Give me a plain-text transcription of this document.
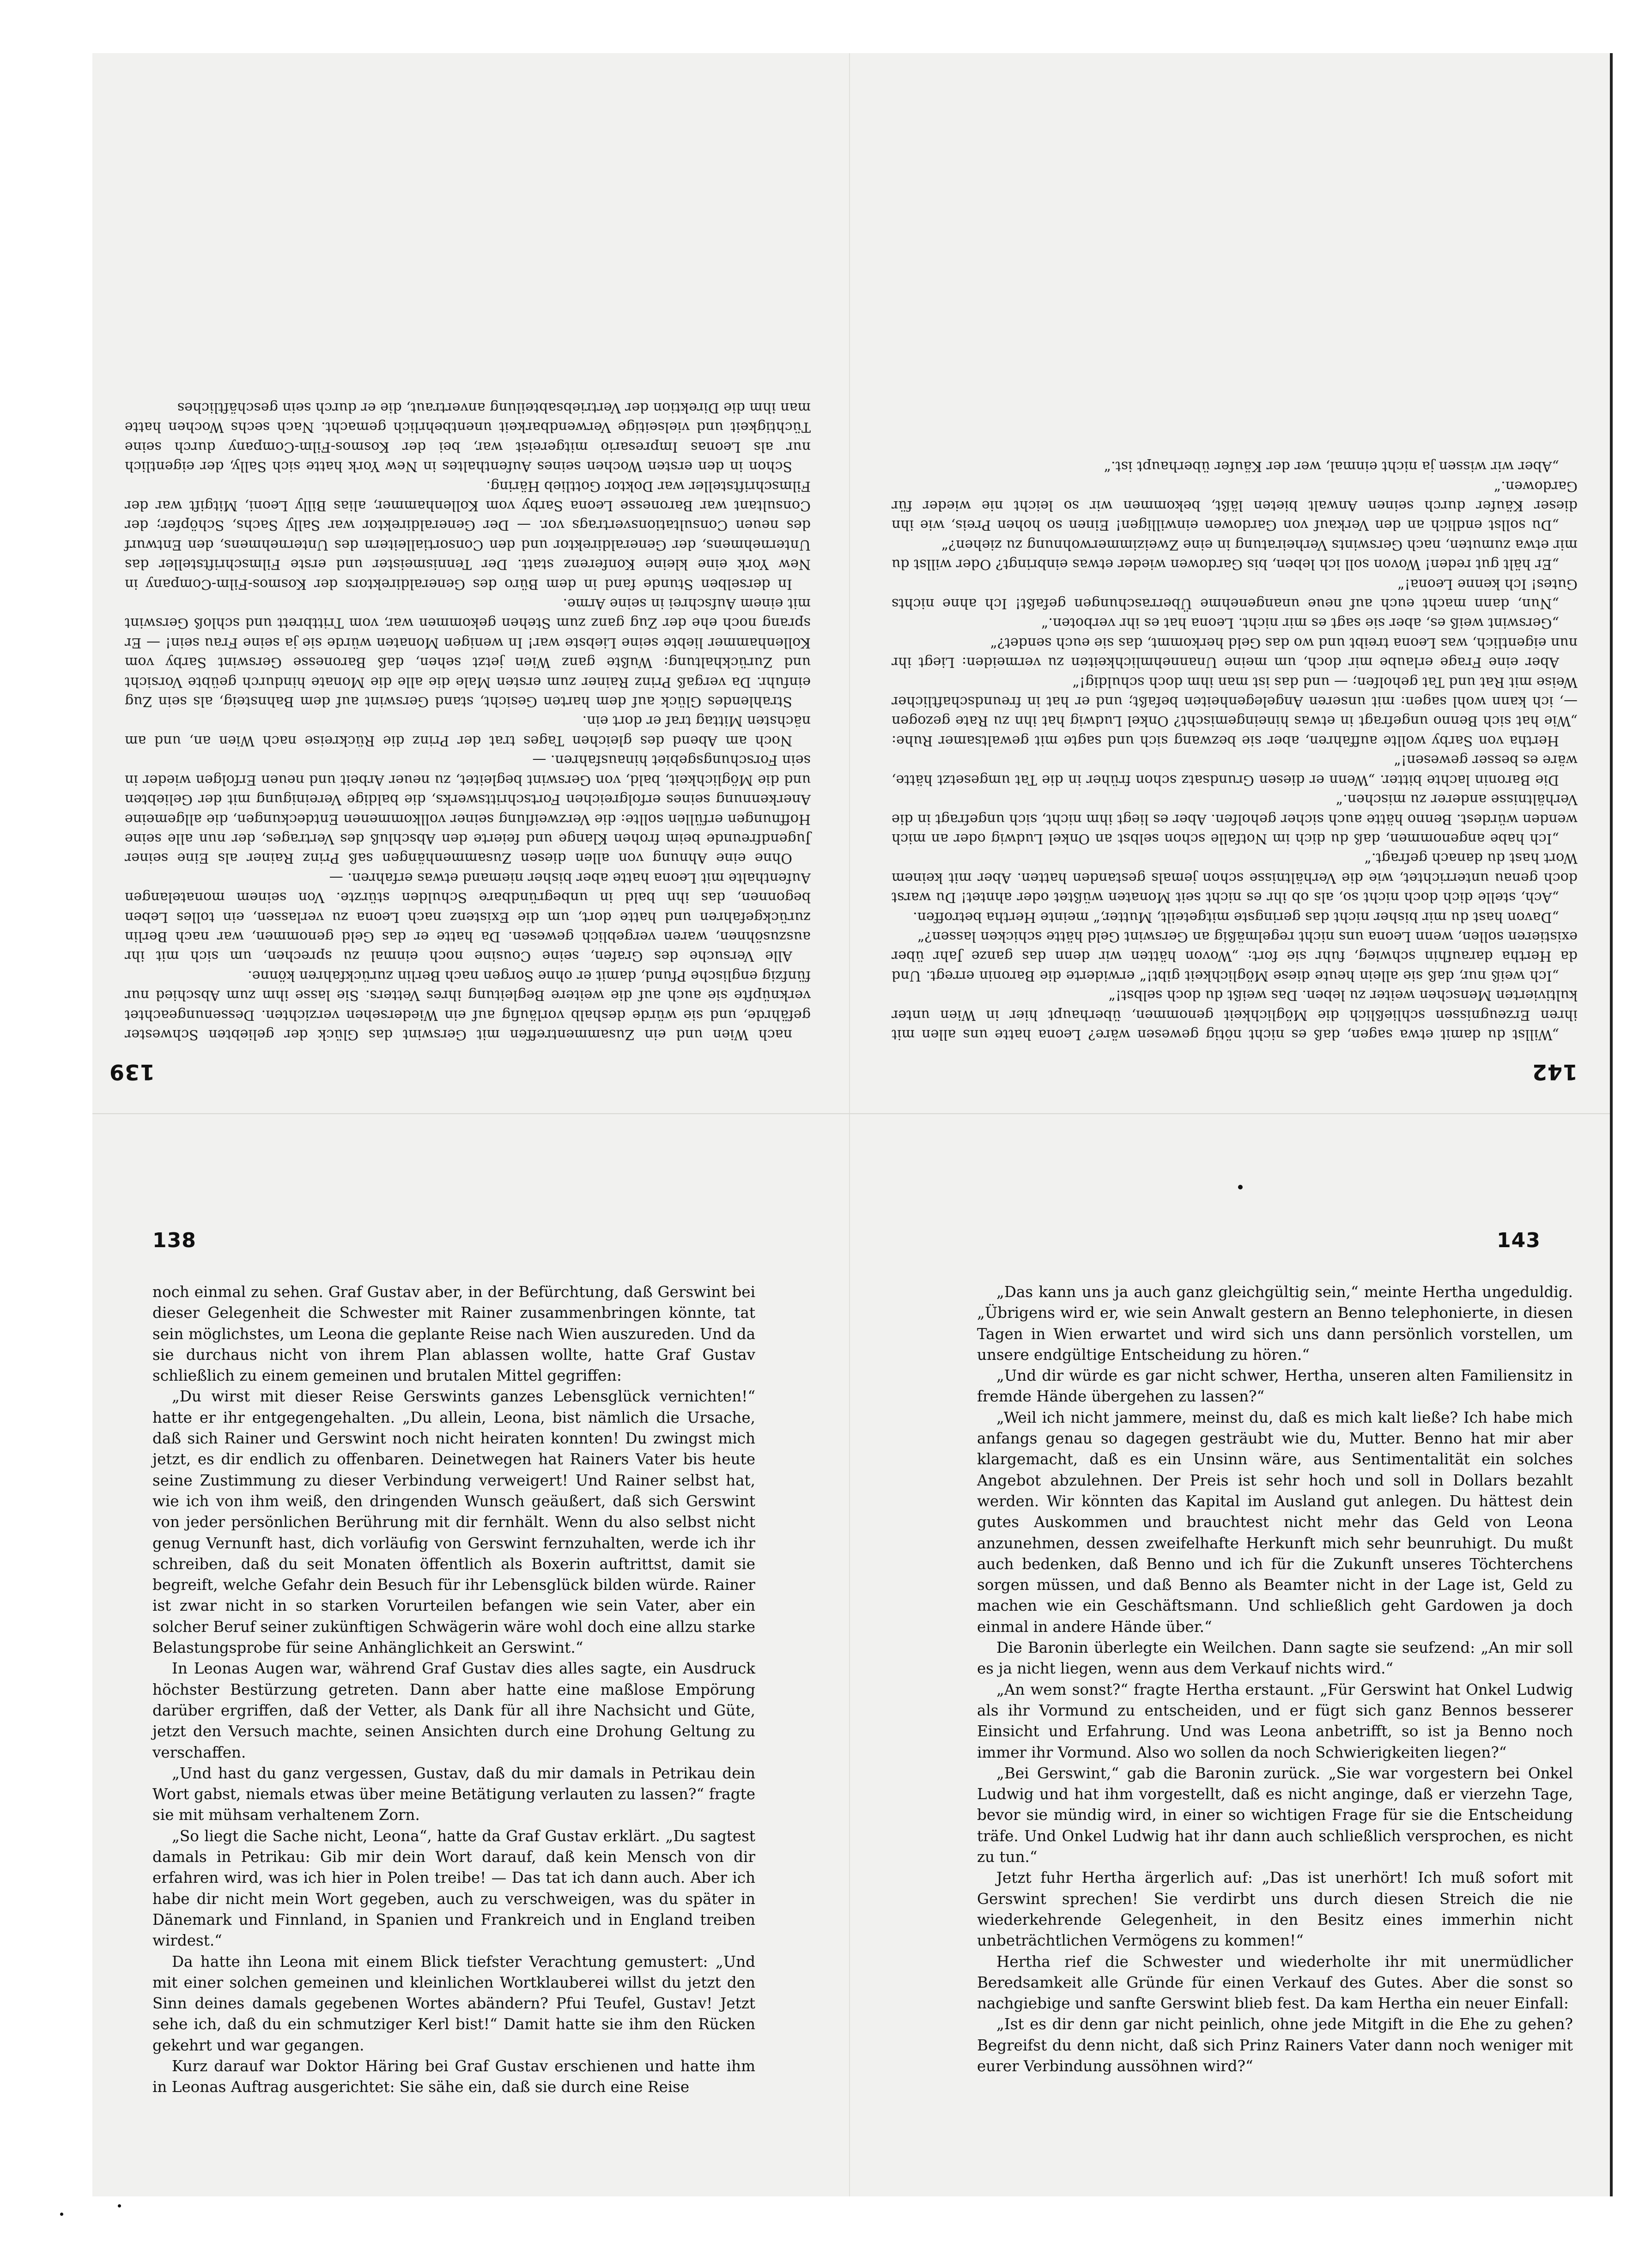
142
139

„Willst du damit etwa sagen, daß es nicht nötig gewesen wäre? Leona hatte uns allen mit ihren Erzeugnissen schließlich die Möglichkeit genommen, überhaupt hier in Wien unter kultivierten Menschen weiter zu leben. Das weißt du doch selbst!“

„Ich weiß nur, daß sie allein heute diese Möglichkeit gibt!“ erwiderte die Baronin erregt. Und da Hertha daraufhin schwieg, fuhr sie fort: „Wovon hätten wir denn das ganze Jahr über existieren sollen, wenn Leona uns nicht regelmäßig an Gerswint Geld hätte schicken lassen?“

„Davon hast du mir bisher nicht das geringste mitgeteilt, Mutter,“ meinte Hertha betroffen.

„Ach, stelle dich doch nicht so, als ob ihr es nicht seit Monaten wüßtet oder ahntet! Du warst doch genau unterrichtet, wie die Verhältnisse schon jemals gestanden hatten. Aber mit keinem Wort hast du danach gefragt.“

„Ich habe angenommen, daß du dich im Notfalle schon selbst an Onkel Ludwig oder an mich wenden würdest. Benno hätte auch sicher geholfen. Aber es liegt ihm nicht, sich ungefragt in die Verhältnisse anderer zu mischen.“

Die Baronin lachte bitter. „Wenn er diesen Grundsatz schon früher in die Tat umgesetzt hätte, wäre es besser gewesen!“

Hertha von Sarby wollte auffahren, aber sie bezwang sich und sagte mit gewaltsamer Ruhe: „Wie hat sich Benno ungefragt in etwas hineingemischt? Onkel Ludwig hat ihn zu Rate gezogen —, ich kann wohl sagen: mit unseren Angelegenheiten befaßt; und er hat in freundschaftlicher Weise mit Rat und Tat geholfen; — und das ist man ihm doch schuldig!“

Aber eine Frage erlaube mir doch, um meine Unannehmlichkeiten zu vermeiden: Liegt ihr nun eigentlich, was Leona treibt und wo das Geld herkommt, das sie euch sendet?“

„Gerswint weiß es, aber sie sagt es mir nicht. Leona hat es ihr verboten.“

„Nun, dann macht euch auf neue unangenehme Überraschungen gefaßt! Ich ahne nichts Gutes! Ich kenne Leona!“

„Er hält gut reden! Wovon soll ich leben, bis Gardowen wieder etwas einbringt? Oder willst du mir etwa zumuten, nach Gerswints Verheiratung in eine Zweizimmerwohnung zu ziehen?“

„Du sollst endlich an den Verkauf von Gardowen einwilligen! Einen so hohen Preis, wie ihn dieser Käufer durch seinen Anwalt bieten läßt, bekommen wir so leicht nie wieder für Gardowen.“

„Aber wir wissen ja nicht einmal, wer der Käufer überhaupt ist.“

nach Wien und ein Zusammentreffen mit Gerswint das Glück der geliebten Schwester gefährde, und sie würde deshalb vorläufig auf ein Wiedersehen verzichten. Dessenungeachtet verknüpfte sie auch auf die weitere Begleitung ihres Vetters. Sie lasse ihm zum Abschied nur fünfzig englische Pfund, damit er ohne Sorgen nach Berlin zurückfahren könne.

Alle Versuche des Grafen, seine Cousine noch einmal zu sprechen, um sich mit ihr auszusöhnen, waren vergeblich gewesen. Da hatte er das Geld genommen, war nach Berlin zurückgefahren und hatte dort, um die Existenz nach Leona zu verlassen, ein tolles Leben begonnen, das ihn bald in unbegründbare Schulden stürzte. Von seinem monatelangen Aufenthalte mit Leona hatte aber bisher niemand etwas erfahren. —

Ohne eine Ahnung von allen diesen Zusammenhängen saß Prinz Rainer als Eine seiner Jugendfreunde beim frohen Klange und feierte den Abschluß des Vertrages, der nun alle seine Hoffnungen erfüllen sollte: die Verzweiflung seiner vollkommenen Entdeckungen, die allgemeine Anerkennung seines erfolgreichen Fortschrittswerks, die baldige Vereinigung mit der Geliebten und die Möglichkeit, bald, von Gerswint begleitet, zu neuer Arbeit und neuen Erfolgen wieder in sein Forschungsgebiet hinausfahren. —

Noch am Abend des gleichen Tages trat der Prinz die Rückreise nach Wien an, und am nächsten Mittag traf er dort ein.

Strahlendes Glück auf dem harten Gesicht, stand Gerswint auf dem Bahnsteig, als sein Zug einfuhr. Da vergaß Prinz Rainer zum ersten Male die alle die Monate hindurch geübte Vorsicht und Zurückhaltung: Wußte ganz Wien jetzt sehen, daß Baronesse Gerswint Sarby vom Kollenhammer liebte seine Liebste war! In wenigen Monaten würde sie ja seine Frau sein! — Er sprang noch ehe der Zug ganz zum Stehen gekommen war, vom Trittbrett und schloß Gerswint mit einem Aufschrei in seine Arme.

In derselben Stunde fand in dem Büro des Generaldirektors der Kosmos-Film-Company in New York eine kleine Konferenz statt. Der Tennismeister und erste Filmschriftsteller das Unternehmens, der Generaldirektor und den Consortialleitern des Unternehmens, den Entwurf des neuen Consultationsvertrags vor. — Der Generaldirektor war Sally Sachs, Schöpfer; der Consultant war Baronesse Leona Sarby vom Kollenhammer, alias Billy Leoni, Mitgift war der Filmschriftsteller war Doktor Gottlieb Häring.

Schon in den ersten Wochen seines Aufenthaltes in New York hatte sich Sally, der eigentlich nur als Leonas Impresario mitgereist war, bei der Kosmos-Film-Company durch seine Tüchtigkeit und vielseitige Verwendbarkeit unentbehrlich gemacht. Nach sechs Wochen hatte man ihm die Direktion der Vertriebsabteilung anvertraut, die er durch sein geschäftliches

138

noch einmal zu sehen. Graf Gustav aber, in der Befürchtung, daß Gerswint bei dieser Gelegenheit die Schwester mit Rainer zusammenbringen könnte, tat sein möglichstes, um Leona die geplante Reise nach Wien auszureden. Und da sie durchaus nicht von ihrem Plan ablassen wollte, hatte Graf Gustav schließlich zu einem gemeinen und brutalen Mittel gegriffen:

„Du wirst mit dieser Reise Gerswints ganzes Lebensglück vernichten!“ hatte er ihr entgegengehalten. „Du allein, Leona, bist nämlich die Ursache, daß sich Rainer und Gerswint noch nicht heiraten konnten! Du zwingst mich jetzt, es dir endlich zu offenbaren. Deinetwegen hat Rainers Vater bis heute seine Zustimmung zu dieser Verbindung verweigert! Und Rainer selbst hat, wie ich von ihm weiß, den dringenden Wunsch geäußert, daß sich Gerswint von jeder persönlichen Berührung mit dir fernhält. Wenn du also selbst nicht genug Vernunft hast, dich vorläufig von Gerswint fernzuhalten, werde ich ihr schreiben, daß du seit Monaten öffentlich als Boxerin auftrittst, damit sie begreift, welche Gefahr dein Besuch für ihr Lebensglück bilden würde. Rainer ist zwar nicht in so starken Vorurteilen befangen wie sein Vater, aber ein solcher Beruf seiner zukünftigen Schwägerin wäre wohl doch eine allzu starke Belastungsprobe für seine Anhänglichkeit an Gerswint.“

In Leonas Augen war, während Graf Gustav dies alles sagte, ein Ausdruck höchster Bestürzung getreten. Dann aber hatte eine maßlose Empörung darüber ergriffen, daß der Vetter, als Dank für all ihre Nachsicht und Güte, jetzt den Versuch machte, seinen Ansichten durch eine Drohung Geltung zu verschaffen.

„Und hast du ganz vergessen, Gustav, daß du mir damals in Petrikau dein Wort gabst, niemals etwas über meine Betätigung verlauten zu lassen?“ fragte sie mit mühsam verhaltenem Zorn.

„So liegt die Sache nicht, Leona“, hatte da Graf Gustav erklärt. „Du sagtest damals in Petrikau: Gib mir dein Wort darauf, daß kein Mensch von dir erfahren wird, was ich hier in Polen treibe! — Das tat ich dann auch. Aber ich habe dir nicht mein Wort gegeben, auch zu verschweigen, was du später in Dänemark und Finnland, in Spanien und Frankreich und in England treiben wirdest.“

Da hatte ihn Leona mit einem Blick tiefster Verachtung gemustert: „Und mit einer solchen gemeinen und kleinlichen Wortklauberei willst du jetzt den Sinn deines damals gegebenen Wortes abändern? Pfui Teufel, Gustav! Jetzt sehe ich, daß du ein schmutziger Kerl bist!“ Damit hatte sie ihm den Rücken gekehrt und war gegangen.

Kurz darauf war Doktor Häring bei Graf Gustav erschienen und hatte ihm in Leonas Auftrag ausgerichtet: Sie sähe ein, daß sie durch eine Reise

143

„Das kann uns ja auch ganz gleichgültig sein,“ meinte Hertha ungeduldig. „Übrigens wird er, wie sein Anwalt gestern an Benno telephonierte, in diesen Tagen in Wien erwartet und wird sich uns dann persönlich vorstellen, um unsere endgültige Entscheidung zu hören.“

„Und dir würde es gar nicht schwer, Hertha, unseren alten Familiensitz in fremde Hände übergehen zu lassen?“

„Weil ich nicht jammere, meinst du, daß es mich kalt ließe? Ich habe mich anfangs genau so dagegen gesträubt wie du, Mutter. Benno hat mir aber klargemacht, daß es ein Unsinn wäre, aus Sentimentalität ein solches Angebot abzulehnen. Der Preis ist sehr hoch und soll in Dollars bezahlt werden. Wir könnten das Kapital im Ausland gut anlegen. Du hättest dein gutes Auskommen und brauchtest nicht mehr das Geld von Leona anzunehmen, dessen zweifelhafte Herkunft mich sehr beunruhigt. Du mußt auch bedenken, daß Benno und ich für die Zukunft unseres Töchterchens sorgen müssen, und daß Benno als Beamter nicht in der Lage ist, Geld zu machen wie ein Geschäftsmann. Und schließlich geht Gardowen ja doch einmal in andere Hände über.“

Die Baronin überlegte ein Weilchen. Dann sagte sie seufzend: „An mir soll es ja nicht liegen, wenn aus dem Verkauf nichts wird.“

„An wem sonst?“ fragte Hertha erstaunt. „Für Gerswint hat Onkel Ludwig als ihr Vormund zu entscheiden, und er fügt sich ganz Bennos besserer Einsicht und Erfahrung. Und was Leona anbetrifft, so ist ja Benno noch immer ihr Vormund. Also wo sollen da noch Schwierigkeiten liegen?“

„Bei Gerswint,“ gab die Baronin zurück. „Sie war vorgestern bei Onkel Ludwig und hat ihm vorgestellt, daß es nicht anginge, daß er vierzehn Tage, bevor sie mündig wird, in einer so wichtigen Frage für sie die Entscheidung träfe. Und Onkel Ludwig hat ihr dann auch schließlich versprochen, es nicht zu tun.“

Jetzt fuhr Hertha ärgerlich auf: „Das ist unerhört! Ich muß sofort mit Gerswint sprechen! Sie verdirbt uns durch diesen Streich die nie wiederkehrende Gelegenheit, in den Besitz eines immerhin nicht unbeträchtlichen Vermögens zu kommen!“

Hertha rief die Schwester und wiederholte ihr mit unermüdlicher Beredsamkeit alle Gründe für einen Verkauf des Gutes. Aber die sonst so nachgiebige und sanfte Gerswint blieb fest. Da kam Hertha ein neuer Einfall:

„Ist es dir denn gar nicht peinlich, ohne jede Mitgift in die Ehe zu gehen? Begreifst du denn nicht, daß sich Prinz Rainers Vater dann noch weniger mit eurer Verbindung aussöhnen wird?“
